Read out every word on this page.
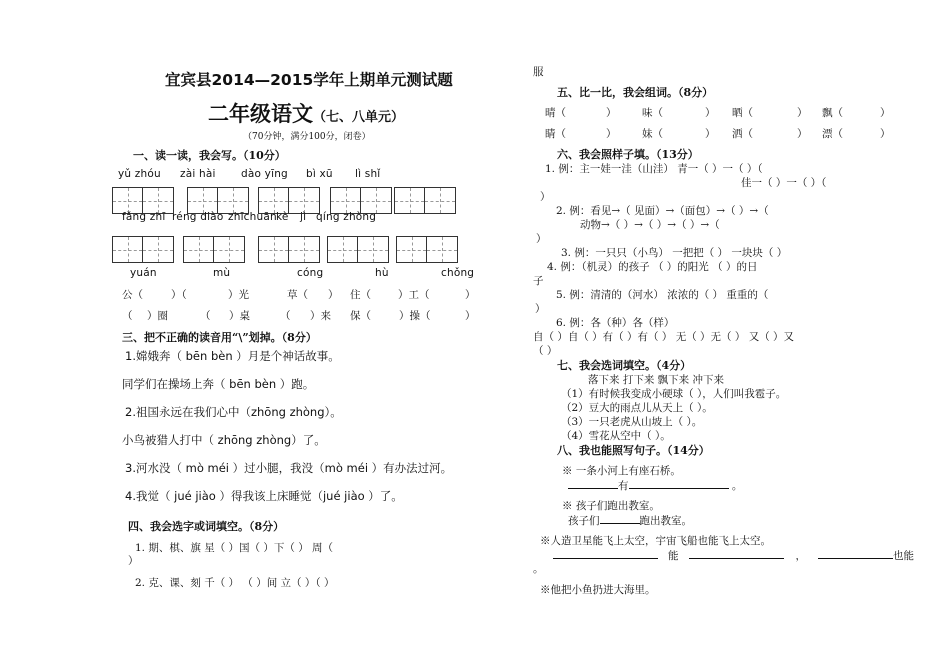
宜宾县2014—2015学年上期单元测试题
二年级语文（七、八单元）
（70分钟，满分100分，闭卷）
一、读一读，我会写。（10分）
yǔ zhóu zài hài dào yīng bì xū lì shǐ
fǎng zhī réng diào zhīchuān kè jì qíng zhòng
yuán	mù	cóng	hù	chǒng
公（	）（	）光	草（ ） 住（	）工（	）
（ ）圈	（ ）桌	（ ）来 保（	）操（	）
三、把不正确的读音用“\”划掉。（8分）
1.嫦娥奔（ bēn bèn ）月是个神话故事。
同学们在操场上奔（ bēn bèn ）跑。
2.祖国永远在我们心中（zhōng zhòng）。
小鸟被猎人打中（ zhōng zhòng）了。
3.河水没（ mò méi ）过小腿，我没（mò méi ）有办法过河。
4.我觉（ jué jiào ）得我该上床睡觉（jué jiào ）了。
四、我会选字或词填空。（8分）
1. 期、棋、旗 星（ ）国（ ）下（ ） 周（
）
2. 克、课、刻 千（ ） （ ）间 立（ ）（ ）
服
五、比一比，我会组词。（8分）
晴（	） 味（	） 晒（	） 飘（	）
睛（	） 妹（	） 洒（	） 漂（	）
六、我会照样子填。（13分）
1. 例：主一娃一洼（山洼） 青一（ ）一（ ）（
佳一（ ）一（ ）（
）
2. 例：看见→（ 见面）→（面包）→（ ）→（
动物→（ ）→（ ）→（ ）→（
）
3. 例：一只只（小鸟） 一把把（ ） 一块块（ ）
4. 例：（机灵）的孩子 （ ）的阳光 （ ）的日
子
5. 例：清清的（河水） 浓浓的（ ） 重重的（
）
6. 例：各（种）各（样）
自（ ）自（ ）有（ ）有（ ） 无（ ）无（ ） 又（ ）又
（ ）
七、我会选词填空。（4分）
落下来 打下来 飘下来 冲下来
（1）有时候我变成小硬球（ ），人们叫我雹子。
（2）豆大的雨点儿从天上（ ）。
（3）一只老虎从山坡上（ ）。
（4）雪花从空中（ ）。
八、我也能照写句子。（14分）
※ 一条小河上有座石桥。
有	。
※ 孩子们跑出教室。
孩子们	跑出教室。
※人造卫星能飞上太空，宇宙飞船也能飞上太空。
能	，	也能
。
※他把小鱼扔进大海里。
